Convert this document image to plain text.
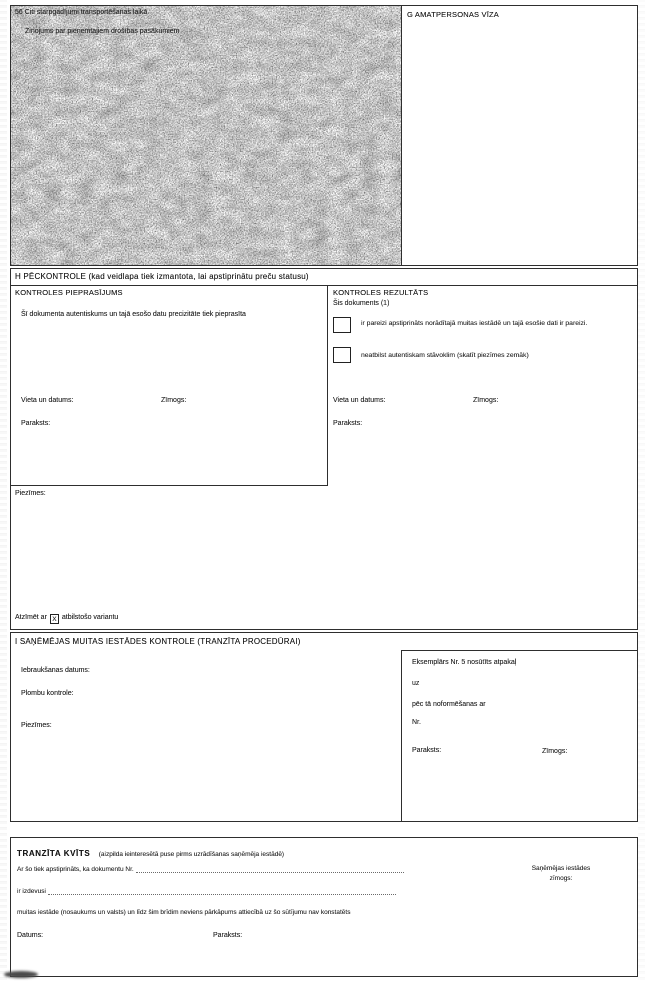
56 Citi starpgadījumi transportēšanas laikā
Ziņojums par pieņemtajiem drošības pasākumiem
G AMATPERSONAS VĪZA
H PĒCKONTROLE (kad veidlapa tiek izmantota, lai apstiprinātu preču statusu)
KONTROLES PIEPRASĪJUMS
Šī dokumenta autentiskums un tajā esošo datu precizitāte tiek pieprasīta
Vieta un datums:	Zīmogs:
Paraksts:
KONTROLES REZULTĀTS
Šis dokuments (1)
ir pareizi apstiprināts norādītajā muitas iestādē un tajā esošie dati ir pareizi.
neatbilst autentiskam stāvoklim (skatīt piezīmes zemāk)
Vieta un datums:	Zīmogs:
Paraksts:
Piezīmes:
Atzīmēt ar X atbilstošo variantu
I SAŅĒMĒJAS MUITAS IESTĀDES KONTROLE (TRANZĪTA PROCEDŪRAI)
Eksemplārs Nr. 5 nosūtīts atpakaļ
uz
pēc tā noformēšanas ar
Nr.
Paraksts:	Zīmogs:
Iebraukšanas datums:
Plombu kontrole:
Piezīmes:
TRANZĪTA KVĪTS (aizpilda ieinteresētā puse pirms uzrādīšanas saņēmēja iestādē)
Ar šo tiek apstiprināts, ka dokumentu Nr.	Saņēmējas iestādes
zīmogs:
ir izdevusi
muitas iestāde (nosaukums un valsts) un līdz šim brīdim neviens pārkāpums attiecībā uz šo sūtījumu nav konstatēts
Datums:	Paraksts:
